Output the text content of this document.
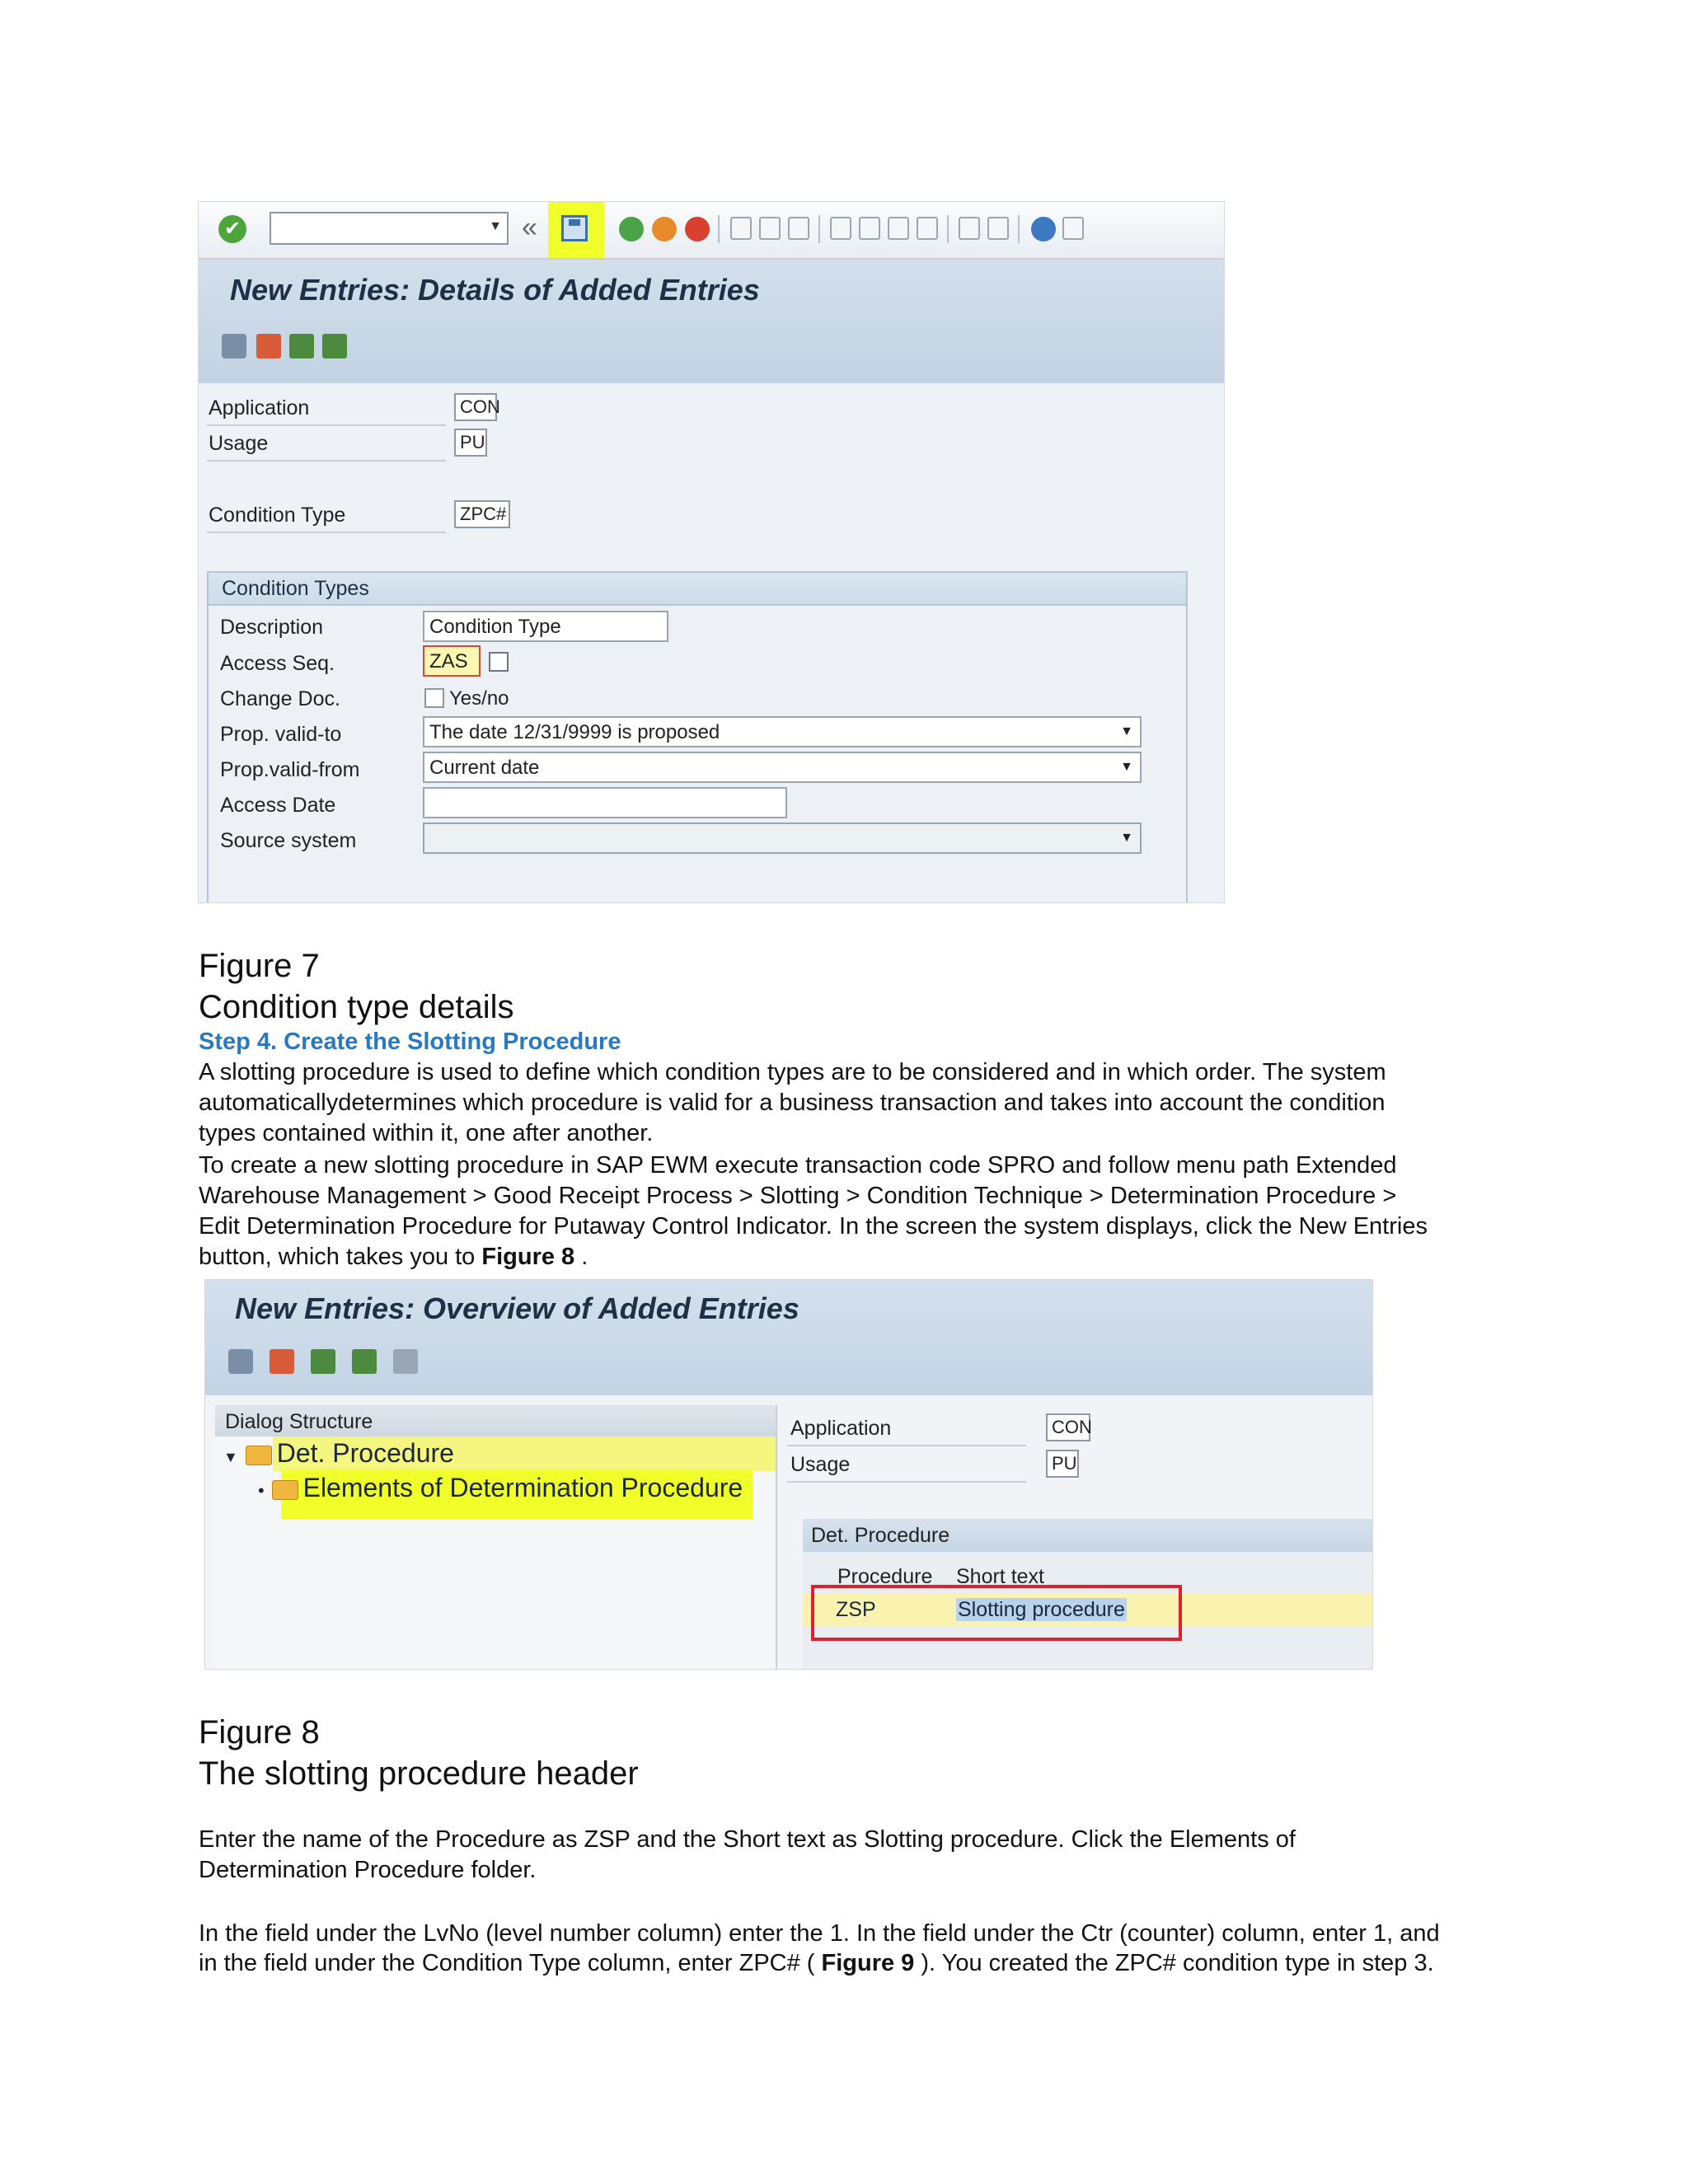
✔	▼ «
New Entries: Details of Added Entries
Application	CON
Usage	PU
Condition Type	ZPC#
Condition Types
Description	Condition Type
Access Seq.	ZAS
Change Doc.	Yes/no
Prop. valid-to	The date 12/31/9999 is proposed	▼
Prop.valid-from	Current date	▼
Access Date
Source system	▼
Figure 7
Condition type details
Step 4. Create the Slotting Procedure
A slotting procedure is used to define which condition types are to be considered and in which order. The system
automaticallydetermines which procedure is valid for a business transaction and takes into account the condition
types contained within it, one after another.
To create a new slotting procedure in SAP EWM execute transaction code SPRO and follow menu path Extended
Warehouse Management > Good Receipt Process > Slotting > Condition Technique > Determination Procedure >
Edit Determination Procedure for Putaway Control Indicator. In the screen the system displays, click the New Entries
button, which takes you to Figure 8 .
New Entries: Overview of Added Entries
Dialog Structure
▼ Det. Procedure
• Elements of Determination Procedure
Application	CON
Usage	PU
Det. Procedure
Procedure Short text
ZSP	Slotting procedure
Figure 8
The slotting procedure header
Enter the name of the Procedure as ZSP and the Short text as Slotting procedure. Click the Elements of
Determination Procedure folder.
In the field under the LvNo (level number column) enter the 1. In the field under the Ctr (counter) column, enter 1, and
in the field under the Condition Type column, enter ZPC# ( Figure 9 ). You created the ZPC# condition type in step 3.
